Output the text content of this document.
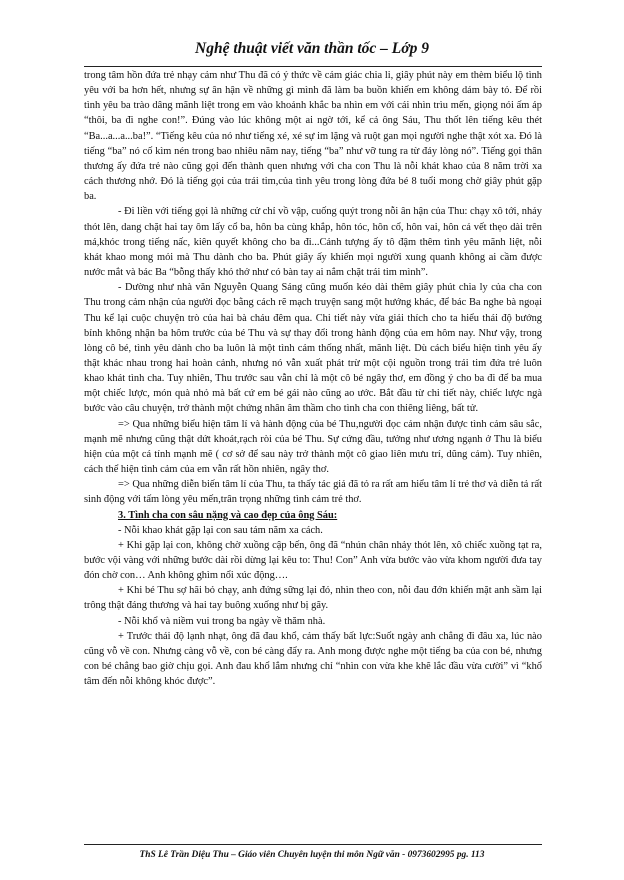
Nghệ thuật viết văn thần tốc – Lớp 9

trong tâm hồn đứa trẻ nhạy cảm như Thu đã có ý thức về cảm giác chia li, giây phút này em thèm biểu lộ tình yêu với ba hơn hết, nhưng sự ân hận về những gì mình đã làm ba buồn khiến em không dám bày tỏ. Để rồi tình yêu ba trào dâng mãnh liệt trong em vào khoảnh khắc ba nhìn em với cái nhìn trìu mến, giọng nói ấm áp “thôi, ba đi nghe con!”. Đúng vào lúc không một ai ngờ tới, kể cả ông Sáu, Thu thốt lên tiếng kêu thét “Ba...a...a...ba!”. “Tiếng kêu của nó như tiếng xé, xé sự im lặng và ruột gan mọi người nghe thật xót xa. Đó là tiếng “ba” nó cố kìm nén trong bao nhiêu năm nay, tiếng “ba” như vỡ tung ra từ đáy lòng nó”. Tiếng gọi thân thương ấy đứa trẻ nào cũng gọi đến thành quen nhưng với cha con Thu là nỗi khát khao của 8 năm trời xa cách thương nhớ. Đó là tiếng gọi của trái tim,của tình yêu trong lòng đứa bé 8 tuổi mong chờ giây phút gặp ba.

- Đi liền với tiếng gọi là những cử chỉ vồ vập, cuống quýt trong nỗi ân hận của Thu: chạy xô tới, nhảy thót lên, dang chặt hai tay ôm lấy cổ ba, hôn ba cùng khắp, hôn tóc, hôn cổ, hôn vai, hôn cả vết thẹo dài trên má,khóc trong tiếng nấc, kiên quyết không cho ba đi...Cảnh tượng ấy tô đậm thêm tình yêu mãnh liệt, nỗi khát khao mong mỏi mà Thu dành cho ba. Phút giây ấy khiến mọi người xung quanh không ai cầm được nước mắt và bác Ba “bỗng thấy khó thở như có bàn tay ai nắm chặt trái tim mình”.

- Dường như nhà văn Nguyễn Quang Sáng cũng muốn kéo dài thêm giây phút chia ly của cha con Thu trong cảm nhận của người đọc bằng cách rẽ mạch truyện sang một hướng khác, để bác Ba nghe bà ngoại Thu kể lại cuộc chuyện trò của hai bà cháu đêm qua. Chi tiết này vừa giải thích cho ta hiểu thái độ bướng bỉnh không nhận ba hôm trước của bé Thu và sự thay đổi trong hành động của em hôm nay. Như vậy, trong lòng cô bé, tình yêu dành cho ba luôn là một tình cảm thống nhất, mãnh liệt. Dù cách biểu hiện tình yêu ấy thật khác nhau trong hai hoàn cảnh, nhưng nó vẫn xuất phát trừ một cội nguồn trong trái tim đứa trẻ luôn khao khát tình cha. Tuy nhiên, Thu trước sau vẫn chỉ là một cô bé ngây thơ, em đồng ý cho ba đi để ba mua một chiếc lược, món quà nhỏ mà bất cứ em bé gái nào cũng ao ước. Bắt đầu từ chi tiết này, chiếc lược ngà bước vào câu chuyện, trở thành một chứng nhân âm thầm cho tình cha con thiêng liêng, bất tử.

=> Qua những biểu hiện tâm lí và hành động của bé Thu,người đọc cảm nhận được tình cảm sâu sắc, mạnh mẽ nhưng cũng thật dứt khoát,rạch ròi của bé Thu. Sự cứng đầu, tưởng như ương ngạnh ở Thu là biểu hiện của một cá tính mạnh mẽ ( cơ sở để sau này trở thành một cô giao liên mưu trí, dũng cảm). Tuy nhiên, cách thể hiện tình cảm của em vẫn rất hồn nhiên, ngây thơ.

=> Qua những diễn biến tâm lí của Thu, ta thấy tác giả đã tỏ ra rất am hiểu tâm lí trẻ thơ và diễn tả rất sinh động với tấm lòng yêu mến,trân trọng những tình cảm trẻ thơ.

3. Tình cha con sâu nặng và cao đẹp của ông Sáu:

- Nỗi khao khát gặp lại con sau tám năm xa cách.

+ Khi gặp lại con, không chờ xuồng cập bến, ông đã “nhún chân nhảy thót lên, xô chiếc xuồng tạt ra, bước vội vàng với những bước dài rồi dừng lại kêu to: Thu! Con” Anh vừa bước vào vừa khom người đưa tay đón chờ con… Anh không ghìm nổi xúc động….

+ Khi bé Thu sợ hãi bỏ chạy, anh đứng sững lại đó, nhìn theo con, nỗi đau đớn khiến mặt anh sầm lại trông thật đáng thương và hai tay buông xuống như bị gãy.

- Nỗi khổ và niềm vui trong ba ngày về thăm nhà.

+ Trước thái độ lạnh nhạt, ông đã đau khổ, cảm thấy bất lực:Suốt ngày anh chẳng đi đâu xa, lúc nào cũng vỗ về con. Nhưng càng vỗ về, con bé càng đẩy ra. Anh mong được nghe một tiếng ba của con bé, nhưng con bé chẳng bao giờ chịu gọi. Anh đau khổ lắm nhưng chỉ “nhìn con vừa khe khẽ lắc đầu vừa cười” vì “khổ tâm đến nỗi không khóc được”.

ThS Lê Trần Diệu Thu – Giáo viên Chuyên luyện thi môn Ngữ văn - 0973602995 pg. 113
